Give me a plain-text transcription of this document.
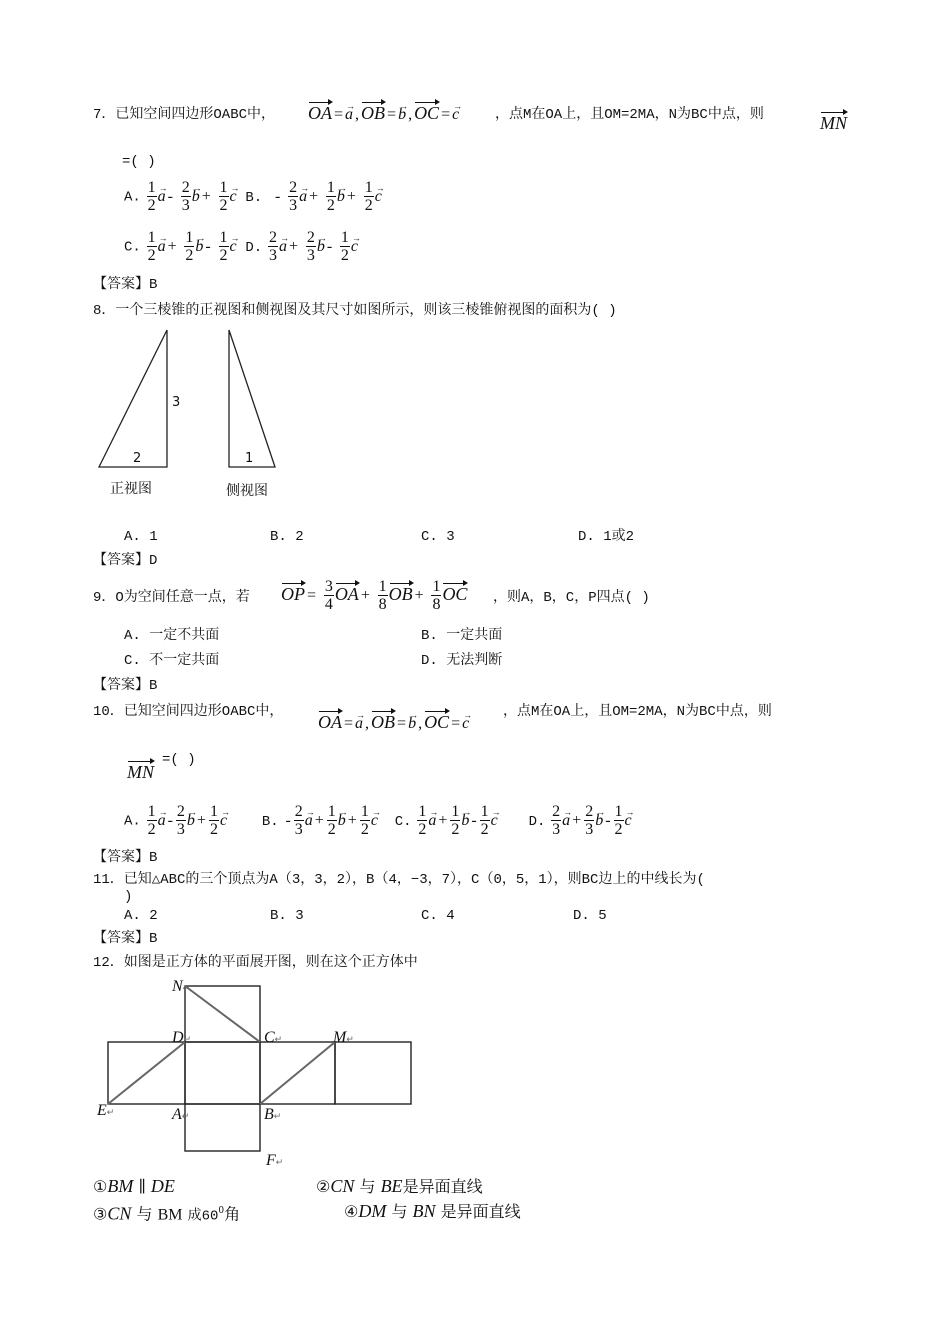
7．已知空间四边形OABC中， OA = a → , OB = b → , OC = c →	，点M在OA上，且OM=2MA，N为BC中点，则	MN
=( )
A. $\frac{1}{2}$ a → - $\frac{2}{3}$ b → + $\frac{1}{2}$ c → B. - $\frac{2}{3}$ a → + $\frac{1}{2}$ b → + $\frac{1}{2}$ c →
C. $\frac{1}{2}$ a → + $\frac{1}{2}$ b → - $\frac{1}{2}$ c → D. $\frac{2}{3}$ a → + $\frac{2}{3}$ b → - $\frac{1}{2}$ c →
【答案】B
8．一个三棱锥的正视图和侧视图及其尺寸如图所示，则该三棱锥俯视图的面积为( )
3
2	1
正视图	侧视图
A. 1	B. 2	C. 3	D. 1或2
【答案】D
9．O为空间任意一点，若 OP = $\frac{3}{4}$ OA + $\frac{1}{8}$ OB + $\frac{1}{8}$ OC ，则A，B，C，P四点( )
A. 一定不共面	B. 一定共面
C. 不一定共面	D. 无法判断
【答案】B
10．已知空间四边形OABC中， OA = a → , OB = b → , OC = c →
，点M在OA上，且OM=2MA，N为BC中点，则
MN
=( )
A. $\frac{1}{2}$ a → - $\frac{2}{3}$ b → + $\frac{1}{2}$ c → B. - $\frac{2}{3}$ a → + $\frac{1}{2}$ b → + $\frac{1}{2}$ c → C. $\frac{1}{2}$ a → + $\frac{1}{2}$ b → - $\frac{1}{2}$ c → D. $\frac{2}{3}$ a → + $\frac{2}{3}$ b → - $\frac{1}{2}$ c →
【答案】B
11．已知△ABC的三个顶点为A（3，3，2），B（4，−3，7），C（0，5，1），则BC边上的中线长为(
)
A. 2	B. 3	C. 4	D. 5
【答案】B
12．如图是正方体的平面展开图，则在这个正方体中
N↵
D↵	C↵	M↵
E↵	A↵	B↵
F↵
①BM ∥ DE	②CN 与 BE是异面直线
③CN 与 BM 成$60^0$角	④DM 与 BN 是异面直线
